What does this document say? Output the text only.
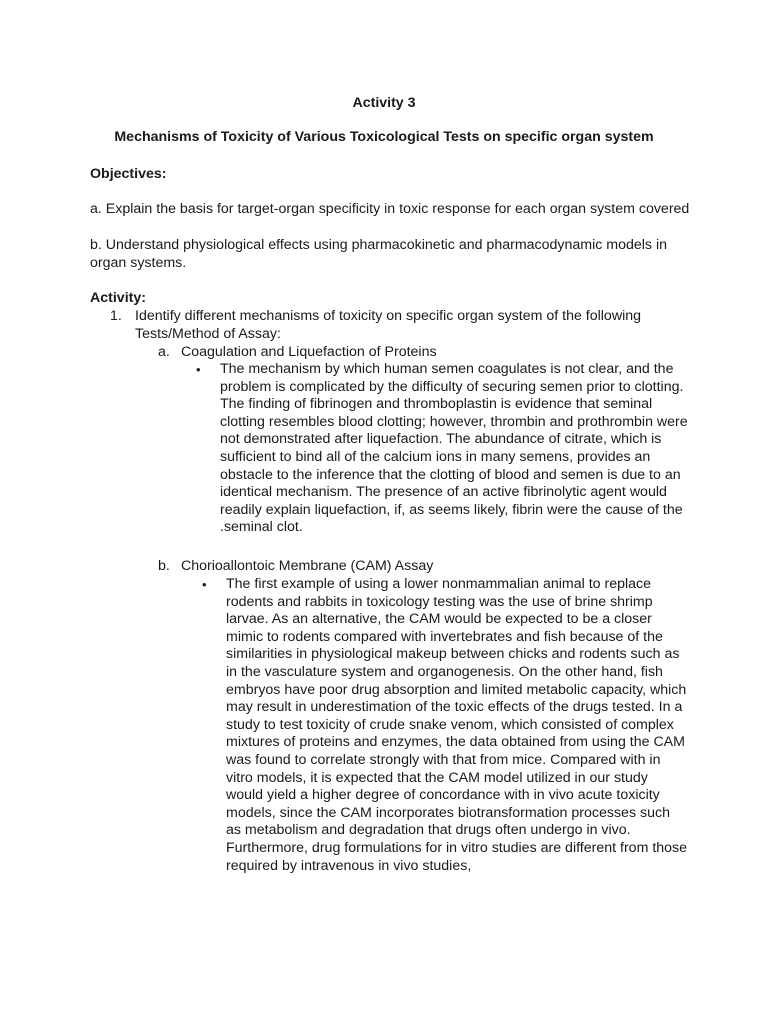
Activity 3
Mechanisms of Toxicity of Various Toxicological Tests on specific organ system
Objectives:
a. Explain the basis for target-organ specificity in toxic response for each organ system covered
b. Understand physiological effects using pharmacokinetic and pharmacodynamic models in organ systems.
Activity:
1. Identify different mechanisms of toxicity on specific organ system of the following Tests/Method of Assay:
a. Coagulation and Liquefaction of Proteins
• The mechanism by which human semen coagulates is not clear, and the problem is complicated by the difficulty of securing semen prior to clotting. The finding of fibrinogen and thromboplastin is evidence that seminal clotting resembles blood clotting; however, thrombin and prothrombin were not demonstrated after liquefaction. The abundance of citrate, which is sufficient to bind all of the calcium ions in many semens, provides an obstacle to the inference that the clotting of blood and semen is due to an identical mechanism. The presence of an active fibrinolytic agent would readily explain liquefaction, if, as seems likely, fibrin were the cause of the .seminal clot.
b. Chorioallontoic Membrane (CAM) Assay
• The first example of using a lower nonmammalian animal to replace rodents and rabbits in toxicology testing was the use of brine shrimp larvae. As an alternative, the CAM would be expected to be a closer mimic to rodents compared with invertebrates and fish because of the similarities in physiological makeup between chicks and rodents such as in the vasculature system and organogenesis. On the other hand, fish embryos have poor drug absorption and limited metabolic capacity, which may result in underestimation of the toxic effects of the drugs tested. In a study to test toxicity of crude snake venom, which consisted of complex mixtures of proteins and enzymes, the data obtained from using the CAM was found to correlate strongly with that from mice. Compared with in vitro models, it is expected that the CAM model utilized in our study would yield a higher degree of concordance with in vivo acute toxicity models, since the CAM incorporates biotransformation processes such as metabolism and degradation that drugs often undergo in vivo. Furthermore, drug formulations for in vitro studies are different from those required by intravenous in vivo studies,
